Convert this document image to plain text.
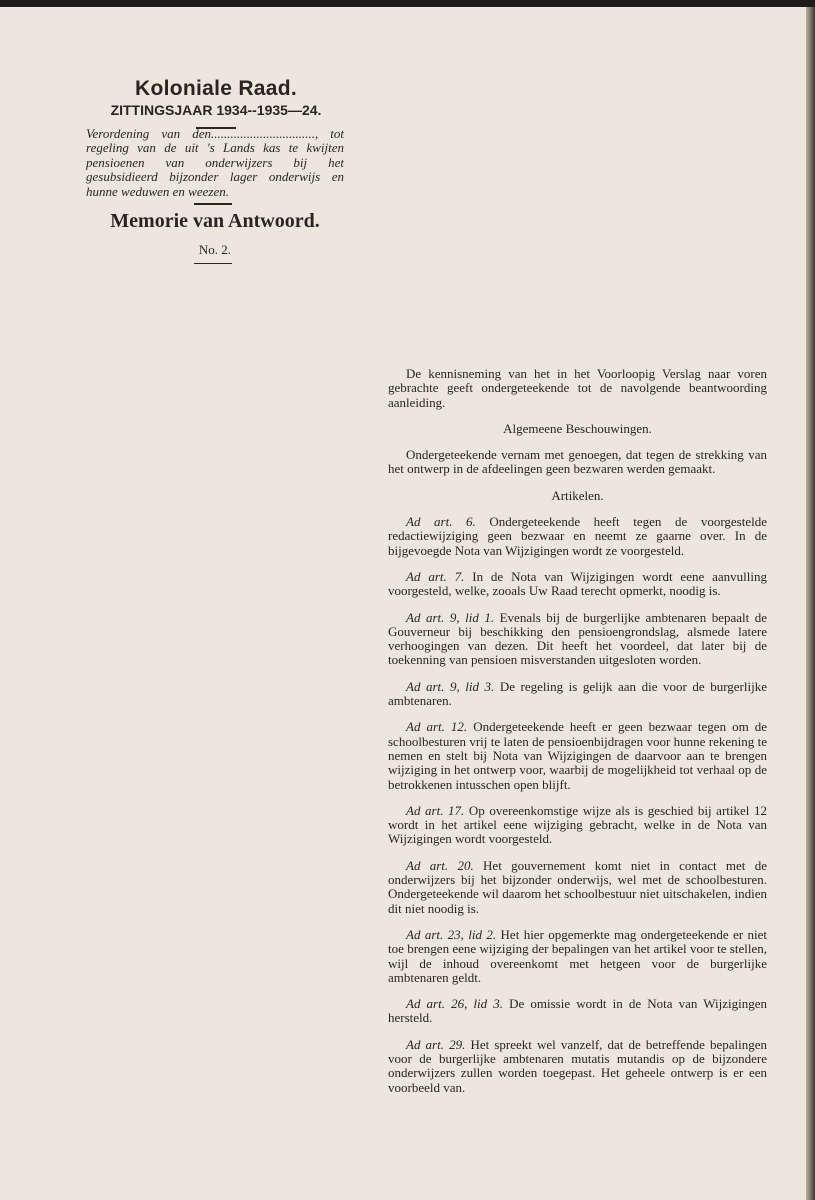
Koloniale Raad.

ZITTINGSJAAR 1934--1935—24.

Verordening van den................................, tot regeling van de uit 's Lands kas te kwijten pensioenen van onderwijzers bij het gesubsidieerd bijzonder lager onderwijs en hunne weduwen en weezen.

Memorie van Antwoord.

No. 2.

De kennisneming van het in het Voorloopig Verslag naar voren gebrachte geeft ondergeteekende tot de navolgende beantwoording aanleiding.

Algemeene Beschouwingen.

Ondergeteekende vernam met genoegen, dat tegen de strekking van het ontwerp in de afdeelingen geen bezwaren werden gemaakt.

Artikelen.

Ad art. 6. Ondergeteekende heeft tegen de voorgestelde redactiewijziging geen bezwaar en neemt ze gaarne over. In de bijgevoegde Nota van Wijzigingen wordt ze voorgesteld.

Ad art. 7. In de Nota van Wijzigingen wordt eene aanvulling voorgesteld, welke, zooals Uw Raad terecht opmerkt, noodig is.

Ad art. 9, lid 1. Evenals bij de burgerlijke ambtenaren bepaalt de Gouverneur bij beschikking den pensioengrondslag, alsmede latere verhoogingen van dezen. Dit heeft het voordeel, dat later bij de toekenning van pensioen misverstanden uitgesloten worden.

Ad art. 9, lid 3. De regeling is gelijk aan die voor de burgerlijke ambtenaren.

Ad art. 12. Ondergeteekende heeft er geen bezwaar tegen om de schoolbesturen vrij te laten de pensioenbijdragen voor hunne rekening te nemen en stelt bij Nota van Wijzigingen de daarvoor aan te brengen wijziging in het ontwerp voor, waarbij de mogelijkheid tot verhaal op de betrokkenen intusschen open blijft.

Ad art. 17. Op overeenkomstige wijze als is geschied bij artikel 12 wordt in het artikel eene wijziging gebracht, welke in de Nota van Wijzigingen wordt voorgesteld.

Ad art. 20. Het gouvernement komt niet in contact met de onderwijzers bij het bijzonder onderwijs, wel met de schoolbesturen. Ondergeteekende wil daarom het schoolbestuur niet uitschakelen, indien dit niet noodig is.

Ad art. 23, lid 2. Het hier opgemerkte mag ondergeteekende er niet toe brengen eene wijziging der bepalingen van het artikel voor te stellen, wijl de inhoud overeenkomt met hetgeen voor de burgerlijke ambtenaren geldt.

Ad art. 26, lid 3. De omissie wordt in de Nota van Wijzigingen hersteld.

Ad art. 29. Het spreekt wel vanzelf, dat de betreffende bepalingen voor de burgerlijke ambtenaren mutatis mutandis op de bijzondere onderwijzers zullen worden toegepast. Het geheele ontwerp is er een voorbeeld van.
